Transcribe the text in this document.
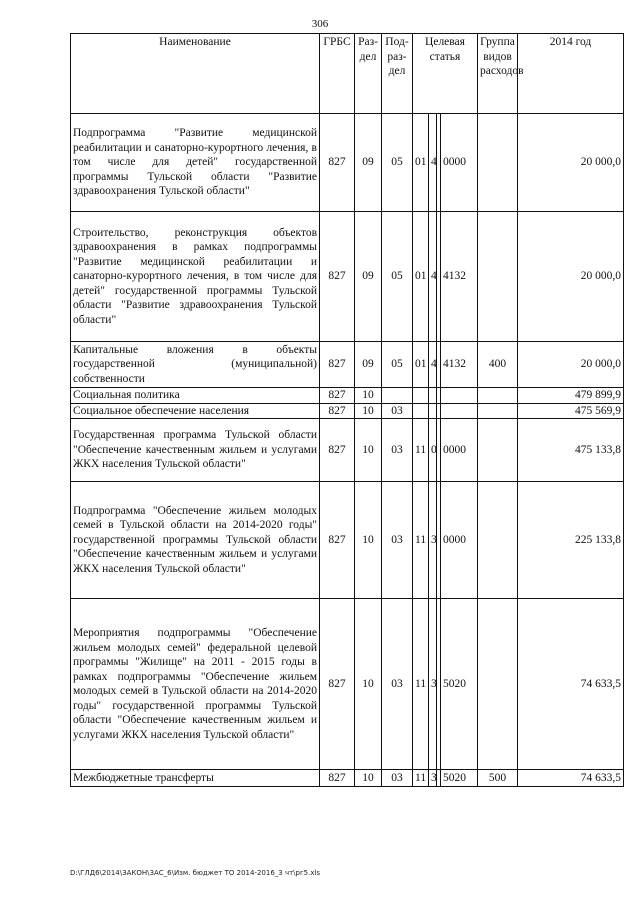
306
Наименование	ГРБС	Раз-дел	Под-раз-дел	Целевая статья				Группа видов расходов	2014 год
Подпрограмма "Развитие медицинской реабилитации и санаторно-курортного лечения, в том числе для детей" государственной программы Тульской области "Развитие здравоохранения Тульской области"	827	09	05	01	4		0000		20 000,0
Строительство, реконструкция объектов здравоохранения в рамках подпрограммы "Развитие медицинской реабилитации и санаторно-курортного лечения, в том числе для детей" государственной программы Тульской области "Развитие здравоохранения Тульской области"	827	09	05	01	4		4132		20 000,0
Капитальные вложения в объекты государственной (муниципальной) собственности	827	09	05	01	4		4132	400	20 000,0
Социальная политика	827	10							479 899,9
Социальное обеспечение населения	827	10	03						475 569,9
Государственная программа Тульской области "Обеспечение качественным жильем и услугами ЖКХ населения Тульской области"	827	10	03	11	0		0000		475 133,8
Подпрограмма "Обеспечение жильем молодых семей в Тульской области на 2014-2020 годы" государственной программы Тульской области "Обеспечение качественным жильем и услугами ЖКХ населения Тульской области"	827	10	03	11	3		0000		225 133,8
Мероприятия подпрограммы "Обеспечение жильем молодых семей" федеральной целевой программы "Жилище" на 2011 - 2015 годы в рамках подпрограммы "Обеспечение жильем молодых семей в Тульской области на 2014-2020 годы" государственной программы Тульской области "Обеспечение качественным жильем и услугами ЖКХ населения Тульской области"	827	10	03	11	3		5020		74 633,5
Межбюджетные трансферты	827	10	03	11	3		5020	500	74 633,5
D:\ГЛД6\2014\ЗАКОН\ЗАС_6\Изм. бюджет ТО 2014-2016_3 чт\рг5.xls
